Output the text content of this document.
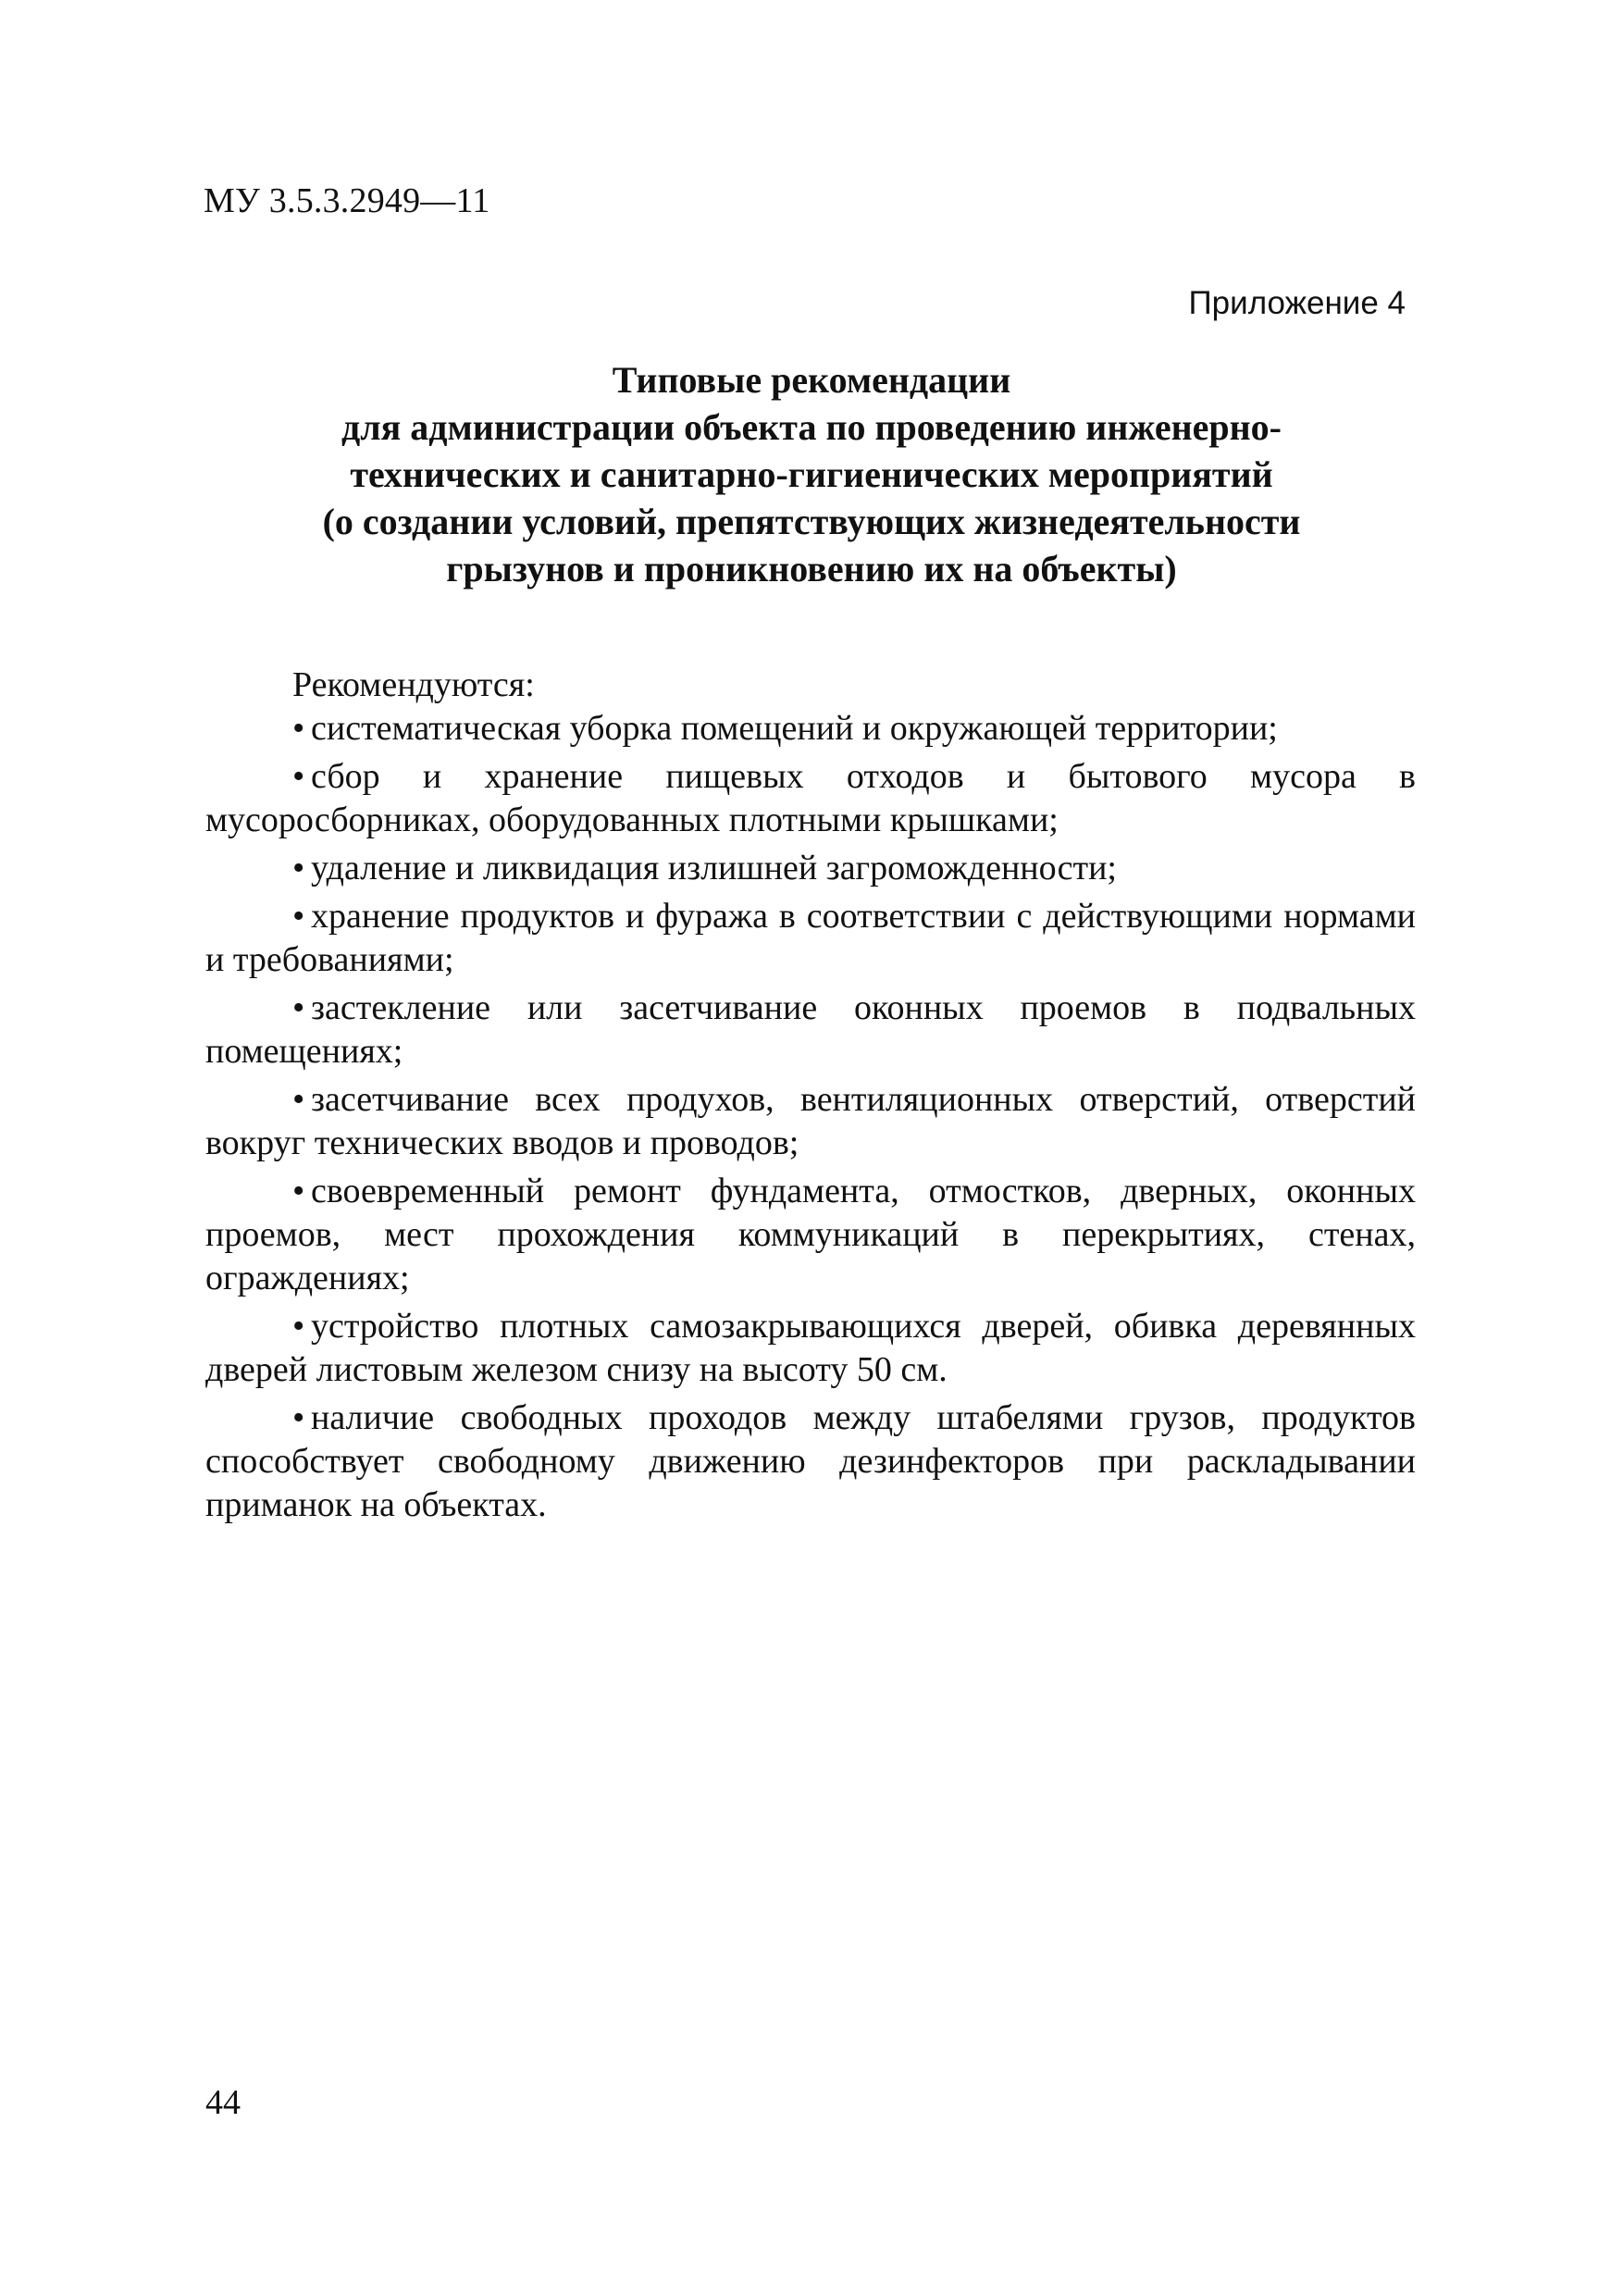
МУ 3.5.3.2949—11
Приложение 4
Типовые рекомендации
для администрации объекта по проведению инженерно-
технических и санитарно-гигиенических мероприятий
(о создании условий, препятствующих жизнедеятельности
грызунов и проникновению их на объекты)

Рекомендуются:

• систематическая уборка помещений и окружающей территории;

• сбор и хранение пищевых отходов и бытового мусора в мусоросборниках, оборудованных плотными крышками;

• удаление и ликвидация излишней загроможденности;

• хранение продуктов и фуража в соответствии с действующими нормами и требованиями;

• застекление или засетчивание оконных проемов в подвальных помещениях;

• засетчивание всех продухов, вентиляционных отверстий, отверстий вокруг технических вводов и проводов;

• своевременный ремонт фундамента, отмостков, дверных, оконных проемов, мест прохождения коммуникаций в перекрытиях, стенах, ограждениях;

• устройство плотных самозакрывающихся дверей, обивка деревянных дверей листовым железом снизу на высоту 50 см.

• наличие свободных проходов между штабелями грузов, продуктов способствует свободному движению дезинфекторов при раскладывании приманок на объектах.

44
